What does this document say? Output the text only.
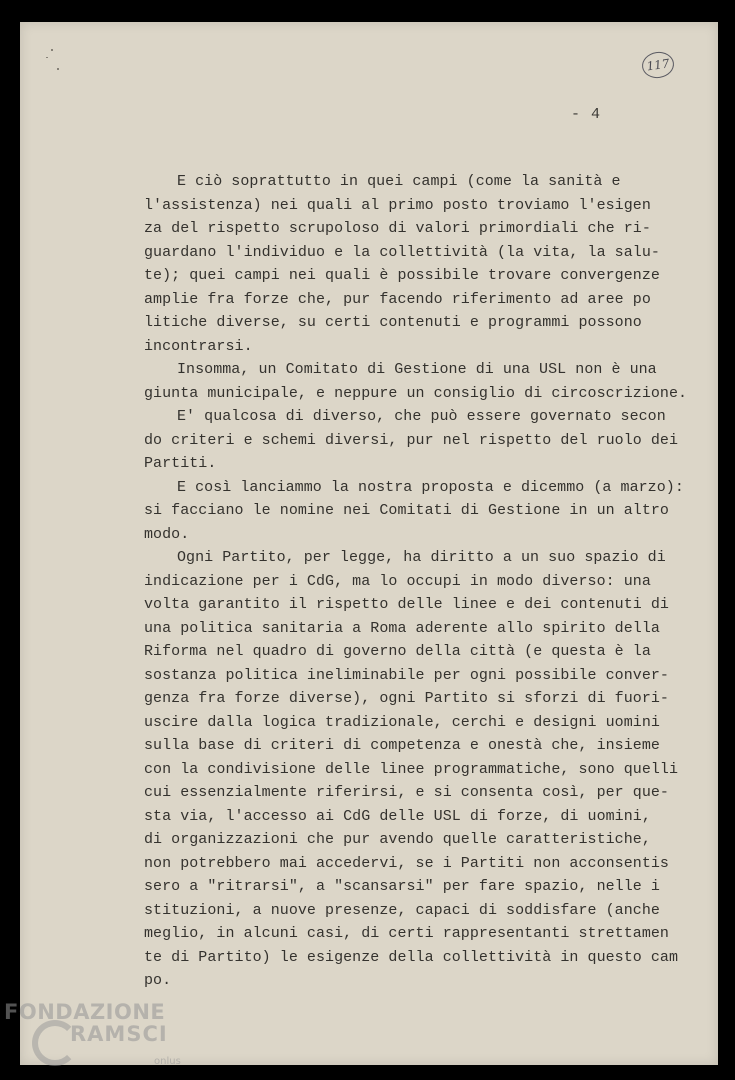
117
- 4
E ciò soprattutto in quei campi (come la sanità e
l'assistenza) nei quali al primo posto troviamo l'esigen
za del rispetto scrupoloso di valori primordiali che ri-
guardano l'individuo e la collettività (la vita, la salu-
te); quei campi nei quali è possibile trovare convergenze
amplie fra forze che, pur facendo riferimento ad aree po
litiche diverse, su certi contenuti e programmi possono
incontrarsi.
Insomma, un Comitato di Gestione di una USL non è una
giunta municipale, e neppure un consiglio di circoscrizione.
E' qualcosa di diverso, che può essere governato secon
do criteri e schemi diversi, pur nel rispetto del ruolo dei
Partiti.
E così lanciammo la nostra proposta e dicemmo (a marzo):
si facciano le nomine nei Comitati di Gestione in un altro
modo.
Ogni Partito, per legge, ha diritto a un suo spazio di
indicazione per i CdG, ma lo occupi in modo diverso: una
volta garantito il rispetto delle linee e dei contenuti di
una politica sanitaria a Roma aderente allo spirito della
Riforma nel quadro di governo della città (e questa è la
sostanza politica ineliminabile per ogni possibile conver-
genza fra forze diverse), ogni Partito si sforzi di fuori-
uscire dalla logica tradizionale, cerchi e designi uomini
sulla base di criteri di competenza e onestà che, insieme
con la condivisione delle linee programmatiche, sono quelli
cui essenzialmente riferirsi, e si consenta così, per que-
sta via, l'accesso ai CdG delle USL di forze, di uomini,
di organizzazioni che pur avendo quelle caratteristiche,
non potrebbero mai accedervi, se i Partiti non acconsentis
sero a "ritrarsi", a "scansarsi" per fare spazio, nelle i
stituzioni, a nuove presenze, capaci di soddisfare (anche
meglio, in alcuni casi, di certi rappresentanti strettamen
te di Partito) le esigenze della collettività in questo cam
po.
FONDAZIONE
RAMSCI
onlus
